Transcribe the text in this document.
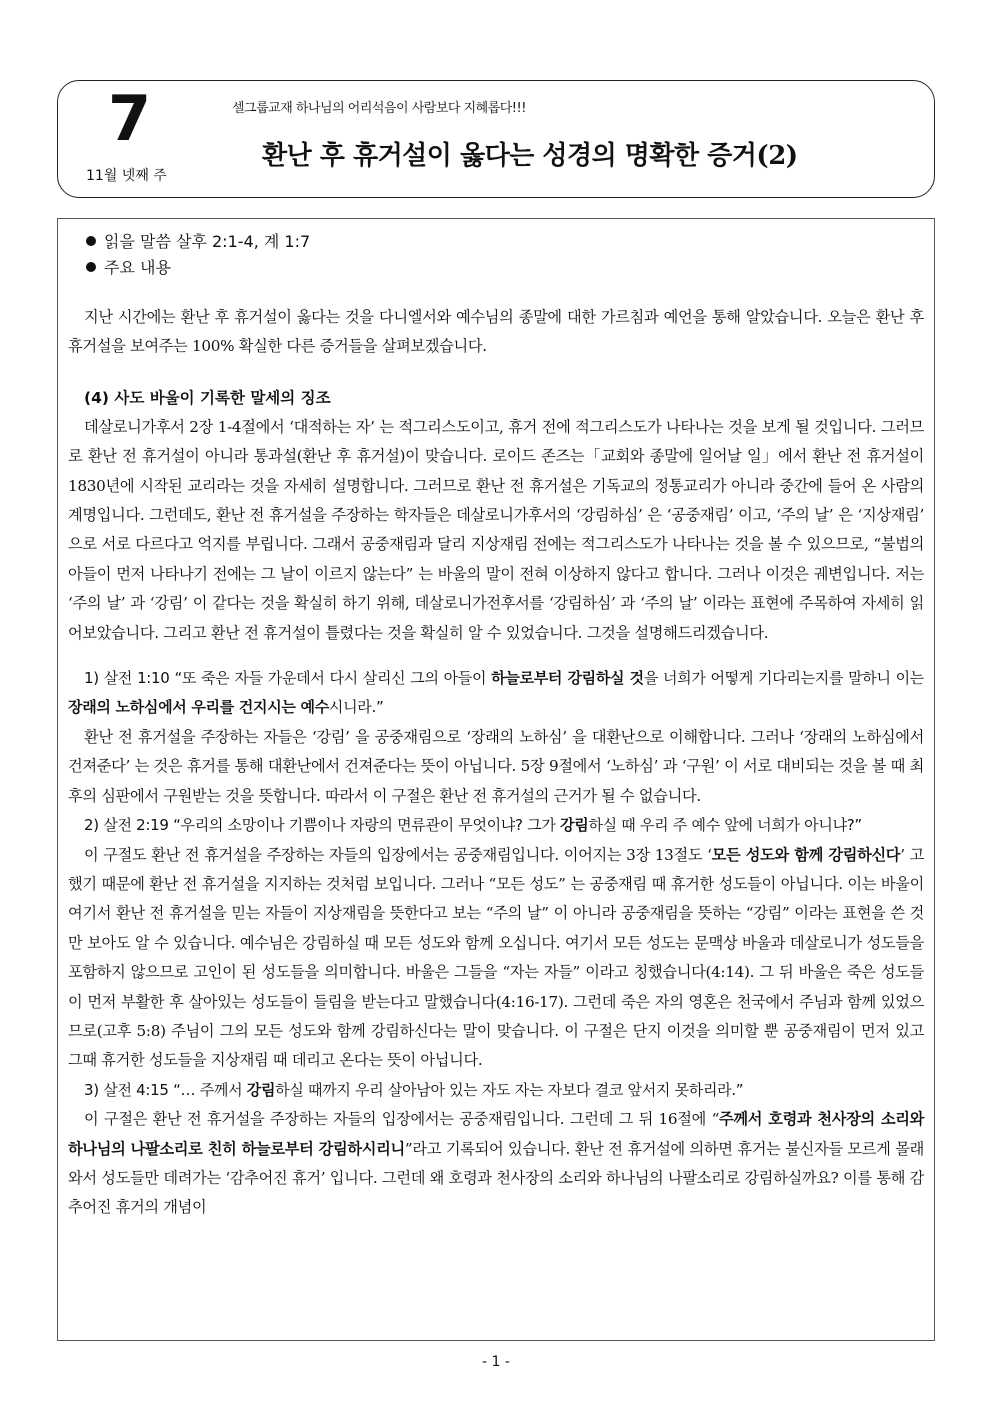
7
11월 넷째 주
셀그룹교재 하나님의 어리석음이 사람보다 지혜롭다!!!
환난 후 휴거설이 옳다는 성경의 명확한 증거(2)
읽을 말씀 살후 2:1-4, 계 1:7
주요 내용

지난 시간에는 환난 후 휴거설이 옳다는 것을 다니엘서와 예수님의 종말에 대한 가르침과 예언을 통해 알았습니다. 오늘은 환난 후 휴거설을 보여주는 100% 확실한 다른 증거들을 살펴보겠습니다.

(4) 사도 바울이 기록한 말세의 징조

데살로니가후서 2장 1-4절에서 ‘대적하는 자’ 는 적그리스도이고, 휴거 전에 적그리스도가 나타나는 것을 보게 될 것입니다. 그러므로 환난 전 휴거설이 아니라 통과설(환난 후 휴거설)이 맞습니다. 로이드 존즈는「교회와 종말에 일어날 일」에서 환난 전 휴거설이 1830년에 시작된 교리라는 것을 자세히 설명합니다. 그러므로 환난 전 휴거설은 기독교의 정통교리가 아니라 중간에 들어 온 사람의 계명입니다. 그런데도, 환난 전 휴거설을 주장하는 학자들은 데살로니가후서의 ‘강림하심’ 은 ‘공중재림’ 이고, ‘주의 날’ 은 ‘지상재림’ 으로 서로 다르다고 억지를 부립니다. 그래서 공중재림과 달리 지상재림 전에는 적그리스도가 나타나는 것을 볼 수 있으므로, “불법의 아들이 먼저 나타나기 전에는 그 날이 이르지 않는다” 는 바울의 말이 전혀 이상하지 않다고 합니다. 그러나 이것은 궤변입니다. 저는 ‘주의 날’ 과 ‘강림’ 이 같다는 것을 확실히 하기 위해, 데살로니가전후서를 ‘강림하심’ 과 ‘주의 날’ 이라는 표현에 주목하여 자세히 읽어보았습니다. 그리고 환난 전 휴거설이 틀렸다는 것을 확실히 알 수 있었습니다. 그것을 설명해드리겠습니다.

1) 살전 1:10 “또 죽은 자들 가운데서 다시 살리신 그의 아들이 하늘로부터 강림하실 것을 너희가 어떻게 기다리는지를 말하니 이는 장래의 노하심에서 우리를 건지시는 예수시니라.”

환난 전 휴거설을 주장하는 자들은 ‘강림’ 을 공중재림으로 ‘장래의 노하심’ 을 대환난으로 이해합니다. 그러나 ‘장래의 노하심에서 건져준다’ 는 것은 휴거를 통해 대환난에서 건져준다는 뜻이 아닙니다. 5장 9절에서 ‘노하심’ 과 ‘구원’ 이 서로 대비되는 것을 볼 때 최후의 심판에서 구원받는 것을 뜻합니다. 따라서 이 구절은 환난 전 휴거설의 근거가 될 수 없습니다.

2) 살전 2:19 “우리의 소망이나 기쁨이나 자랑의 면류관이 무엇이냐? 그가 강림하실 때 우리 주 예수 앞에 너희가 아니냐?”

이 구절도 환난 전 휴거설을 주장하는 자들의 입장에서는 공중재림입니다. 이어지는 3장 13절도 ‘모든 성도와 함께 강림하신다’ 고 했기 때문에 환난 전 휴거설을 지지하는 것처럼 보입니다. 그러나 “모든 성도” 는 공중재림 때 휴거한 성도들이 아닙니다. 이는 바울이 여기서 환난 전 휴거설을 믿는 자들이 지상재림을 뜻한다고 보는 “주의 날” 이 아니라 공중재림을 뜻하는 “강림” 이라는 표현을 쓴 것만 보아도 알 수 있습니다. 예수님은 강림하실 때 모든 성도와 함께 오십니다. 여기서 모든 성도는 문맥상 바울과 데살로니가 성도들을 포함하지 않으므로 고인이 된 성도들을 의미합니다. 바울은 그들을 “자는 자들” 이라고 칭했습니다(4:14). 그 뒤 바울은 죽은 성도들이 먼저 부활한 후 살아있는 성도들이 들림을 받는다고 말했습니다(4:16-17). 그런데 죽은 자의 영혼은 천국에서 주님과 함께 있었으므로(고후 5:8) 주님이 그의 모든 성도와 함께 강림하신다는 말이 맞습니다. 이 구절은 단지 이것을 의미할 뿐 공중재림이 먼저 있고 그때 휴거한 성도들을 지상재림 때 데리고 온다는 뜻이 아닙니다.

3) 살전 4:15 “… 주께서 강림하실 때까지 우리 살아남아 있는 자도 자는 자보다 결코 앞서지 못하리라.”

이 구절은 환난 전 휴거설을 주장하는 자들의 입장에서는 공중재림입니다. 그런데 그 뒤 16절에 “주께서 호령과 천사장의 소리와 하나님의 나팔소리로 친히 하늘로부터 강림하시리니”라고 기록되어 있습니다. 환난 전 휴거설에 의하면 휴거는 불신자들 모르게 몰래 와서 성도들만 데려가는 ‘감추어진 휴거’ 입니다. 그런데 왜 호령과 천사장의 소리와 하나님의 나팔소리로 강림하실까요? 이를 통해 감추어진 휴거의 개념이

- 1 -
